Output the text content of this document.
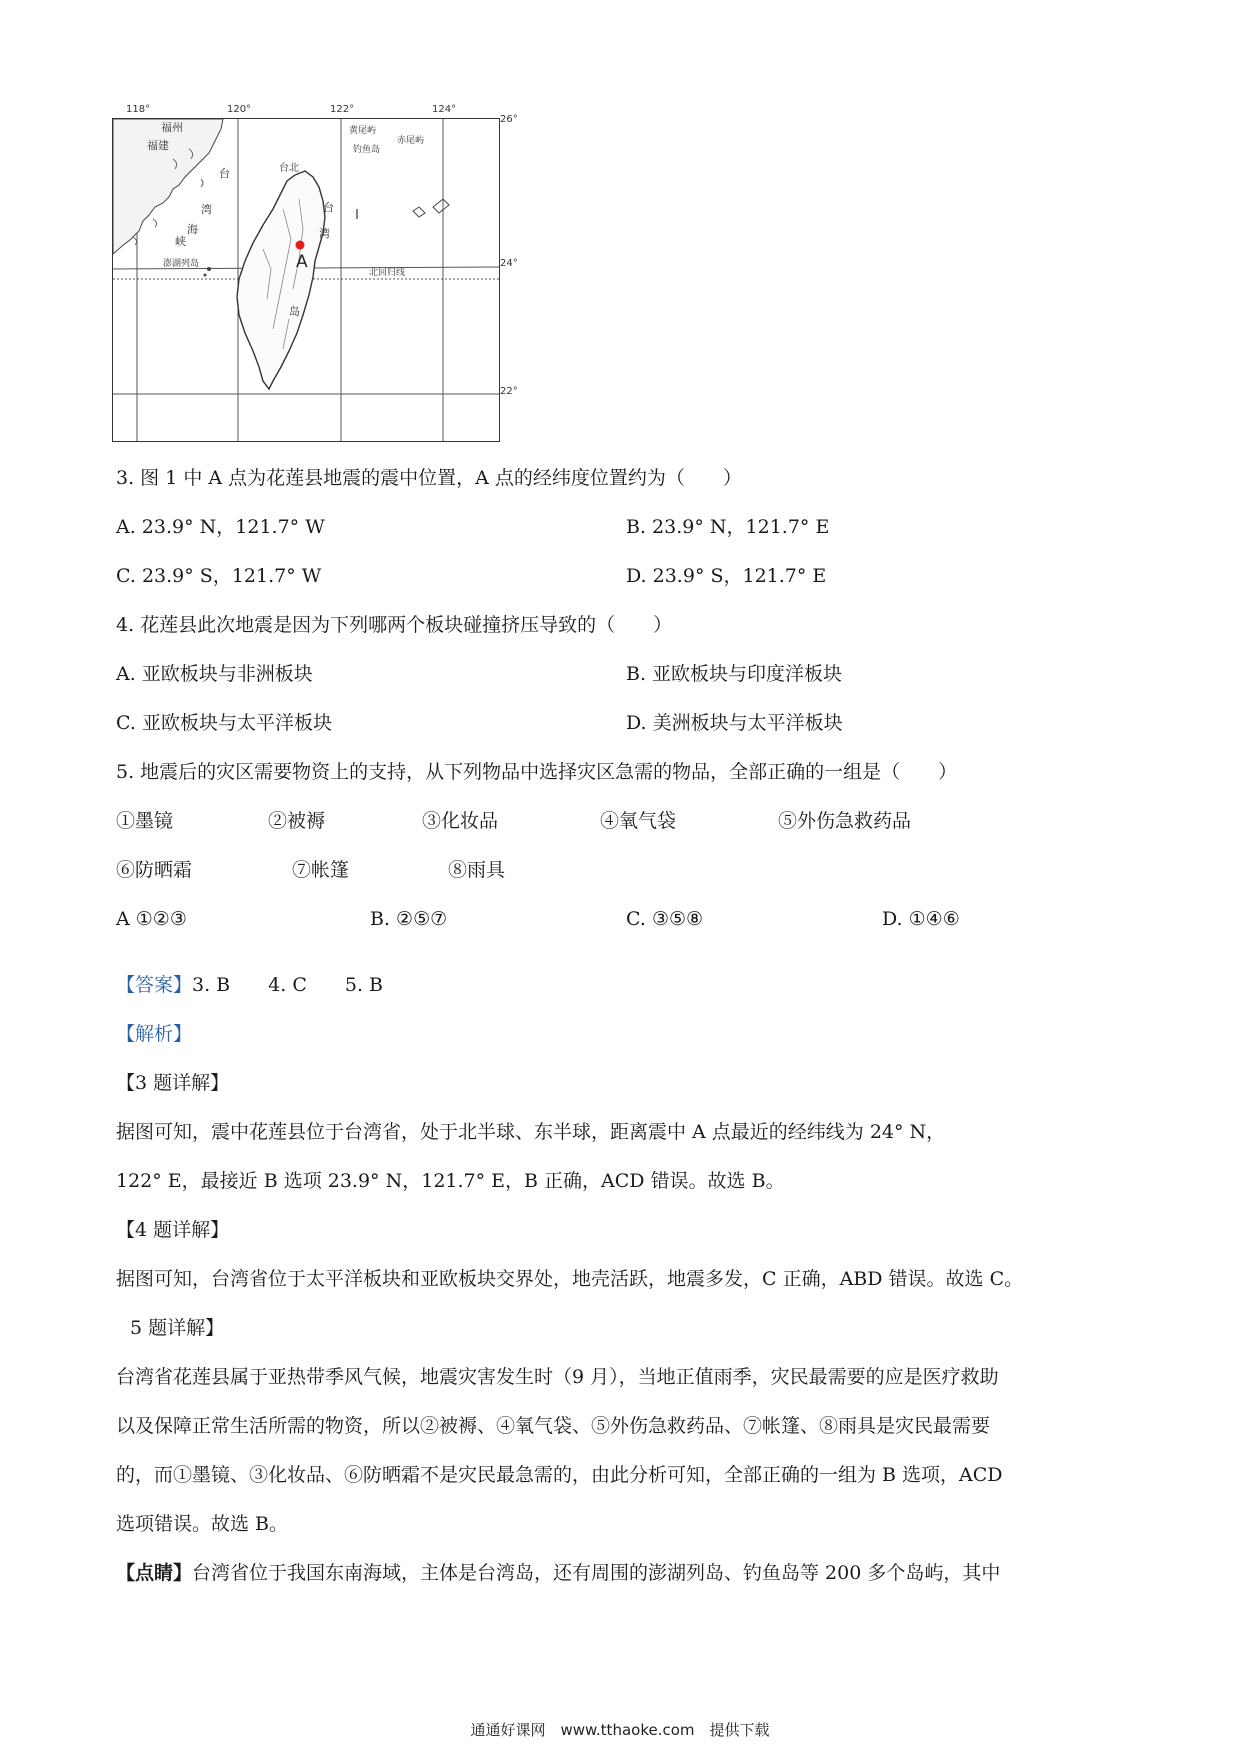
A
福州
福建
台
湾
海
峡
台北
台
湾
岛
澎湖列岛
黄尾屿
赤尾屿
钓鱼岛
北回归线
118°	120°	122°	124°
26°
24°
22°
3. 图 1 中 A 点为花莲县地震的震中位置，A 点的经纬度位置约为（　　）
A. 23.9° N，121.7° W	B. 23.9° N，121.7° E
C. 23.9° S，121.7° W	D. 23.9° S，121.7° E
4. 花莲县此次地震是因为下列哪两个板块碰撞挤压导致的（　　）
A. 亚欧板块与非洲板块	B. 亚欧板块与印度洋板块
C. 亚欧板块与太平洋板块	D. 美洲板块与太平洋板块
5. 地震后的灾区需要物资上的支持，从下列物品中选择灾区急需的物品，全部正确的一组是（　　）
①墨镜	②被褥	③化妆品	④氧气袋	⑤外伤急救药品
⑥防晒霜	⑦帐篷	⑧雨具
A ①②③	B. ②⑤⑦	C. ③⑤⑧	D. ①④⑥
【答案】3. B　　4. C　　5. B
【解析】
【3 题详解】
据图可知，震中花莲县位于台湾省，处于北半球、东半球，距离震中 A 点最近的经纬线为 24° N，
122° E，最接近 B 选项 23.9° N，121.7° E，B 正确，ACD 错误。故选 B。
【4 题详解】
据图可知，台湾省位于太平洋板块和亚欧板块交界处，地壳活跃，地震多发，C 正确，ABD 错误。故选 C。
5 题详解】
台湾省花莲县属于亚热带季风气候，地震灾害发生时（9 月），当地正值雨季，灾民最需要的应是医疗救助
以及保障正常生活所需的物资，所以②被褥、④氧气袋、⑤外伤急救药品、⑦帐篷、⑧雨具是灾民最需要
的，而①墨镜、③化妆品、⑥防晒霜不是灾民最急需的，由此分析可知，全部正确的一组为 B 选项，ACD
选项错误。故选 B。
【点睛】台湾省位于我国东南海域，主体是台湾岛，还有周围的澎湖列岛、钓鱼岛等 200 多个岛屿，其中
通通好课网　www.tthaoke.com　提供下载
